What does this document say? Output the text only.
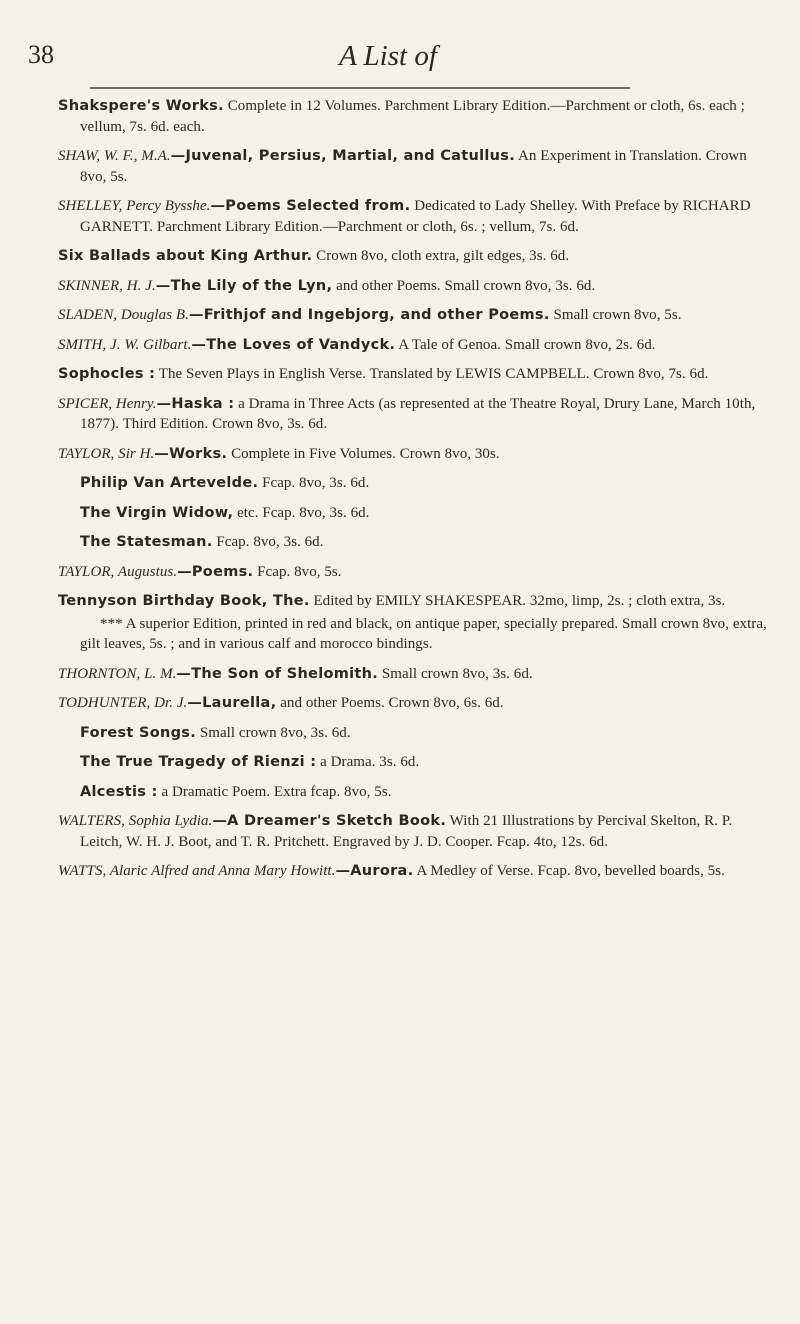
38	A List of

Shakspere's Works. Complete in 12 Volumes. Parchment Library Edition.—Parchment or cloth, 6s. each ; vellum, 7s. 6d. each.

SHAW, W. F., M.A.—Juvenal, Persius, Martial, and Catullus. An Experiment in Translation. Crown 8vo, 5s.

SHELLEY, Percy Bysshe.—Poems Selected from. Dedicated to Lady Shelley. With Preface by RICHARD GARNETT. Parchment Library Edition.—Parchment or cloth, 6s. ; vellum, 7s. 6d.

Six Ballads about King Arthur. Crown 8vo, cloth extra, gilt edges, 3s. 6d.

SKINNER, H. J.—The Lily of the Lyn, and other Poems. Small crown 8vo, 3s. 6d.

SLADEN, Douglas B.—Frithjof and Ingebjorg, and other Poems. Small crown 8vo, 5s.

SMITH, J. W. Gilbart.—The Loves of Vandyck. A Tale of Genoa. Small crown 8vo, 2s. 6d.

Sophocles : The Seven Plays in English Verse. Translated by LEWIS CAMPBELL. Crown 8vo, 7s. 6d.

SPICER, Henry.—Haska : a Drama in Three Acts (as represented at the Theatre Royal, Drury Lane, March 10th, 1877). Third Edition. Crown 8vo, 3s. 6d.

TAYLOR, Sir H.—Works. Complete in Five Volumes. Crown 8vo, 30s.

Philip Van Artevelde. Fcap. 8vo, 3s. 6d.

The Virgin Widow, etc. Fcap. 8vo, 3s. 6d.

The Statesman. Fcap. 8vo, 3s. 6d.

TAYLOR, Augustus.—Poems. Fcap. 8vo, 5s.

Tennyson Birthday Book, The. Edited by EMILY SHAKESPEAR. 32mo, limp, 2s. ; cloth extra, 3s.

*** A superior Edition, printed in red and black, on antique paper, specially prepared. Small crown 8vo, extra, gilt leaves, 5s. ; and in various calf and morocco bindings.

THORNTON, L. M.—The Son of Shelomith. Small crown 8vo, 3s. 6d.

TODHUNTER, Dr. J.—Laurella, and other Poems. Crown 8vo, 6s. 6d.

Forest Songs. Small crown 8vo, 3s. 6d.

The True Tragedy of Rienzi : a Drama. 3s. 6d.

Alcestis : a Dramatic Poem. Extra fcap. 8vo, 5s.

WALTERS, Sophia Lydia.—A Dreamer's Sketch Book. With 21 Illustrations by Percival Skelton, R. P. Leitch, W. H. J. Boot, and T. R. Pritchett. Engraved by J. D. Cooper. Fcap. 4to, 12s. 6d.

WATTS, Alaric Alfred and Anna Mary Howitt.—Aurora. A Medley of Verse. Fcap. 8vo, bevelled boards, 5s.
